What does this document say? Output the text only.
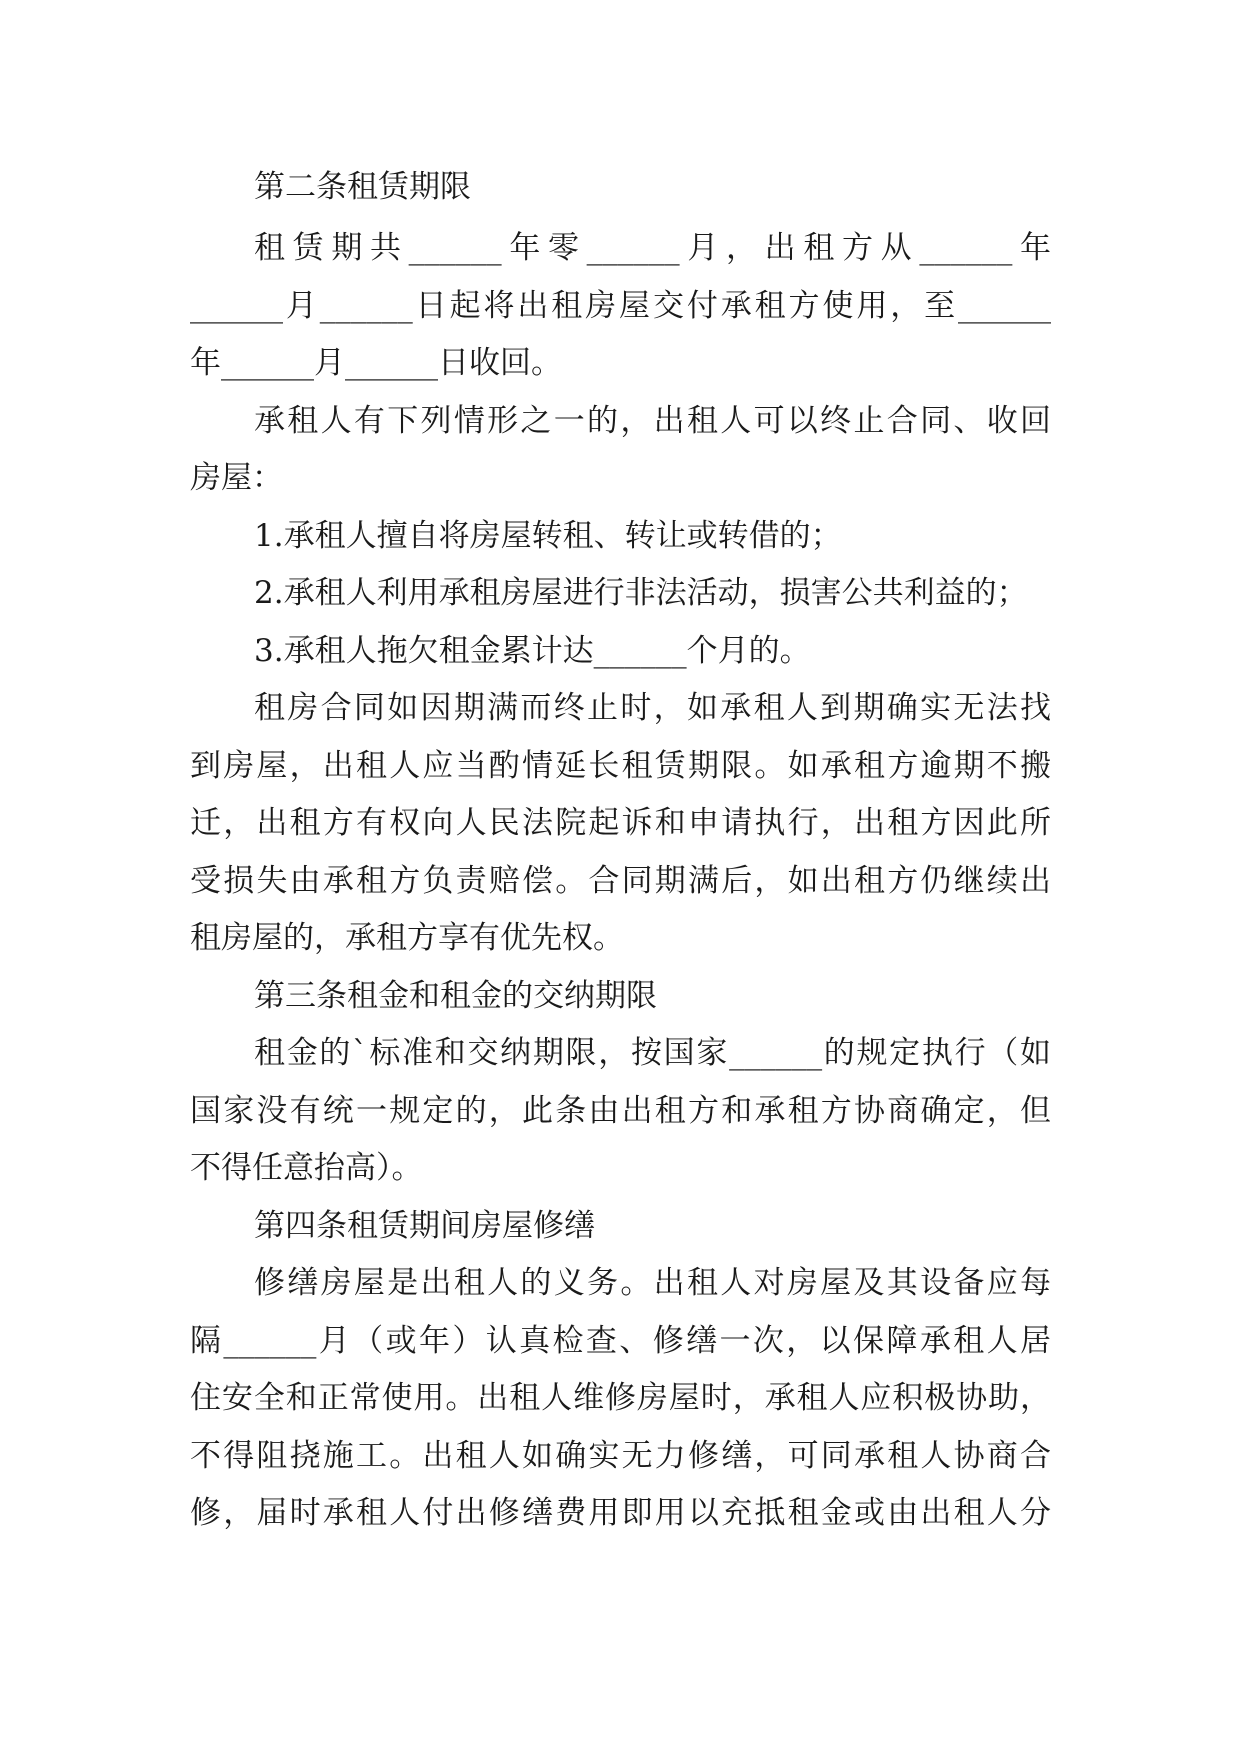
第二条租赁期限

租赁期共______年零______月，出租方从______年

______月______日起将出租房屋交付承租方使用，至______

年______月______日收回。

承租人有下列情形之一的，出租人可以终止合同、收回

房屋：

1.承租人擅自将房屋转租、转让或转借的；

2.承租人利用承租房屋进行非法活动，损害公共利益的；

3.承租人拖欠租金累计达______个月的。

租房合同如因期满而终止时，如承租人到期确实无法找

到房屋，出租人应当酌情延长租赁期限。如承租方逾期不搬

迁，出租方有权向人民法院起诉和申请执行，出租方因此所

受损失由承租方负责赔偿。合同期满后，如出租方仍继续出

租房屋的，承租方享有优先权。

第三条租金和租金的交纳期限

租金的`标准和交纳期限，按国家______的规定执行（如

国家没有统一规定的，此条由出租方和承租方协商确定，但

不得任意抬高）。

第四条租赁期间房屋修缮

修缮房屋是出租人的义务。出租人对房屋及其设备应每

隔______月（或年）认真检查、修缮一次，以保障承租人居

住安全和正常使用。出租人维修房屋时，承租人应积极协助，

不得阻挠施工。出租人如确实无力修缮，可同承租人协商合

修，届时承租人付出修缮费用即用以充抵租金或由出租人分
